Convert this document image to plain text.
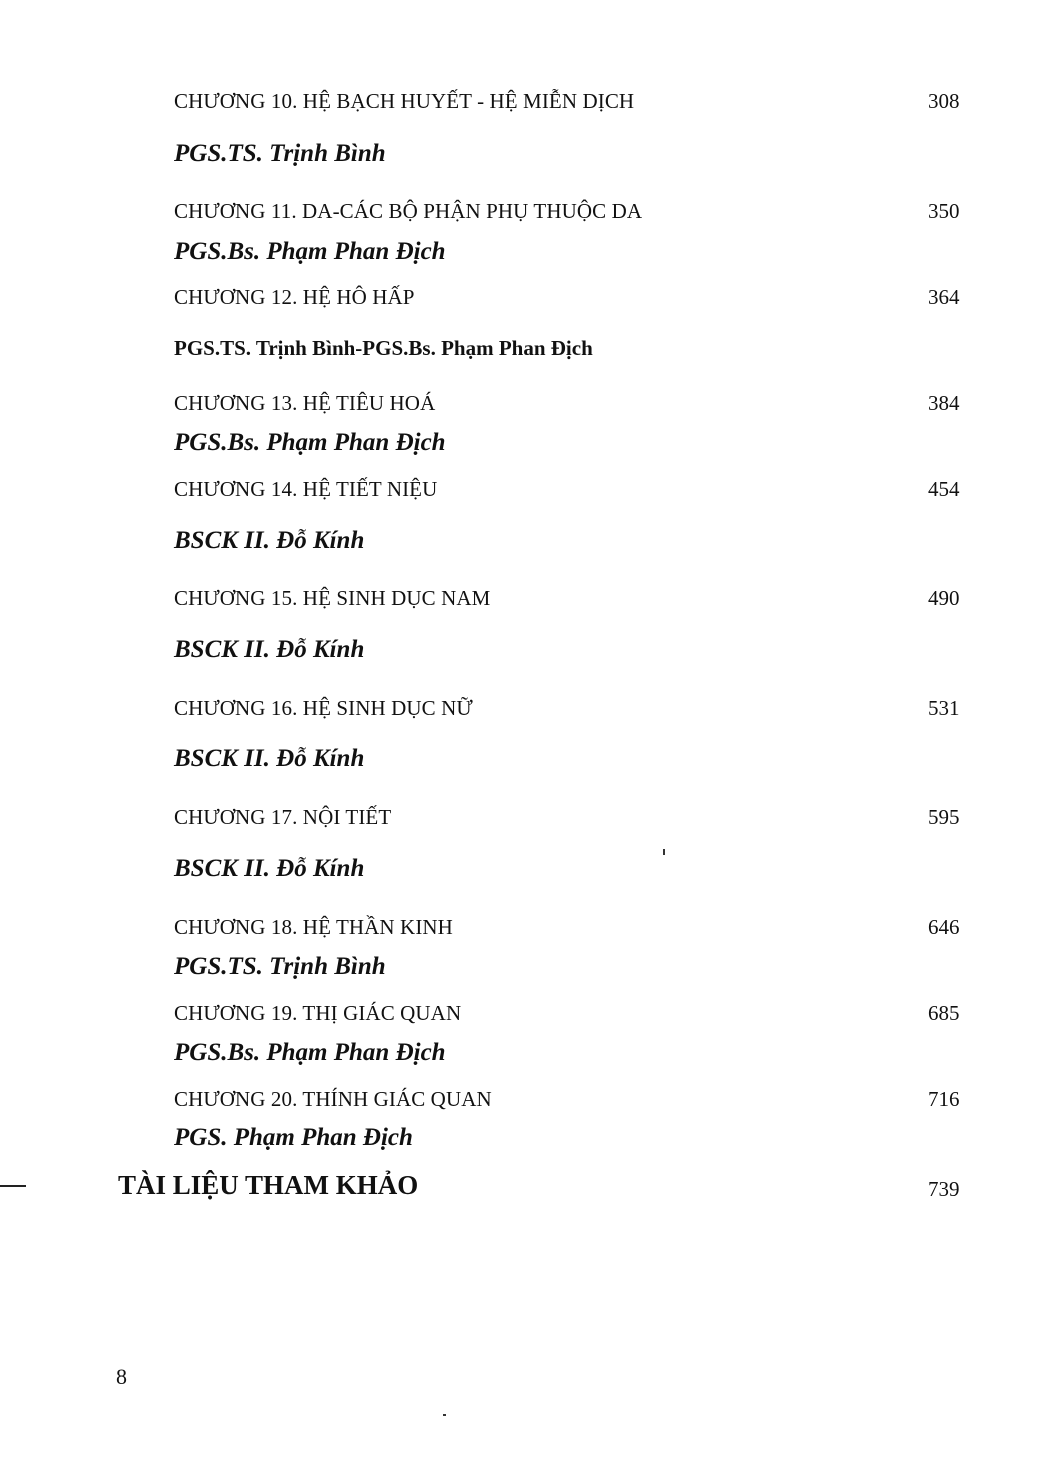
CHƯƠNG 10. HỆ BẠCH HUYẾT - HỆ MIỄN DỊCH	308
PGS.TS. Trịnh Bình
CHƯƠNG 11. DA-CÁC BỘ PHẬN PHỤ THUỘC DA	350
PGS.Bs. Phạm Phan Địch
CHƯƠNG 12. HỆ HÔ HẤP	364
PGS.TS. Trịnh Bình-PGS.Bs. Phạm Phan Địch
CHƯƠNG 13. HỆ TIÊU HOÁ	384
PGS.Bs. Phạm Phan Địch
CHƯƠNG 14. HỆ TIẾT NIỆU	454
BSCK II. Đỗ Kính
CHƯƠNG 15. HỆ SINH DỤC NAM	490
BSCK II. Đỗ Kính
CHƯƠNG 16. HỆ SINH DỤC NỮ	531
BSCK II. Đỗ Kính
CHƯƠNG 17. NỘI TIẾT	595
BSCK II. Đỗ Kính
CHƯƠNG 18. HỆ THẦN KINH	646
PGS.TS. Trịnh Bình
CHƯƠNG 19. THỊ GIÁC QUAN	685
PGS.Bs. Phạm Phan Địch
CHƯƠNG 20. THÍNH GIÁC QUAN	716
PGS. Phạm Phan Địch
TÀI LIỆU THAM KHẢO	739
8
